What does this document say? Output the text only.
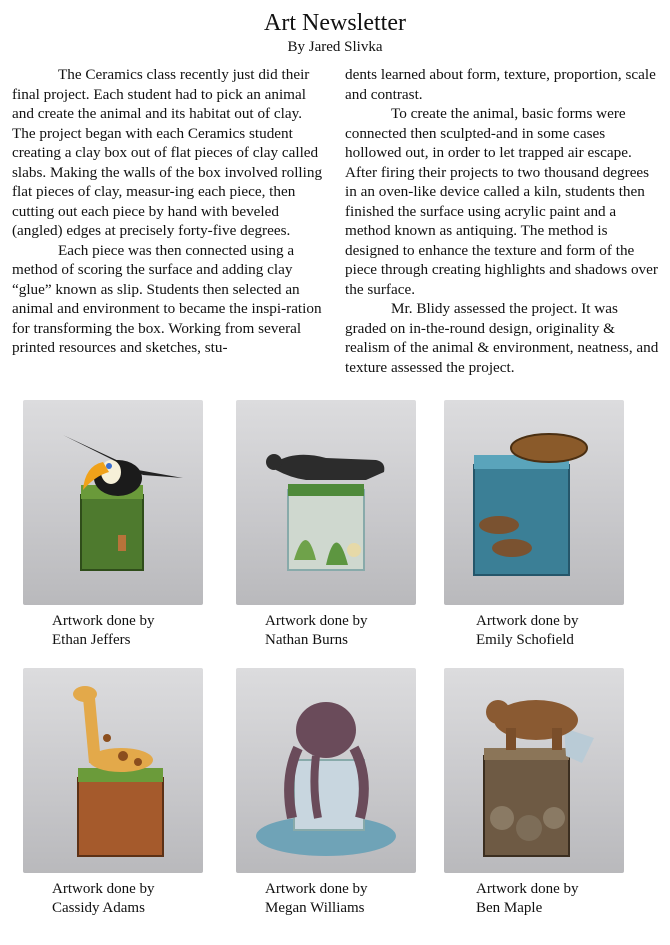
Art Newsletter
By Jared Slivka

The Ceramics class recently just did their final project. Each student had to pick an animal and create the animal and its habitat out of clay. The project began with each Ceramics student creating a clay box out of flat pieces of clay called slabs. Making the walls of the box involved rolling flat pieces of clay, measur-ing each piece, then cutting out each piece by hand with beveled (angled) edges at precisely forty-five degrees.

Each piece was then connected using a method of scoring the surface and adding clay “glue” known as slip. Students then selected an animal and environment to became the inspi-ration for transforming the box. Working from several printed resources and sketches, stu-

dents learned about form, texture, proportion, scale and contrast.

To create the animal, basic forms were connected then sculpted-and in some cases hollowed out, in order to let trapped air escape. After firing their projects to two thousand degrees in an oven-like device called a kiln, students then finished the surface using acrylic paint and a method known as antiquing. The method is designed to enhance the texture and form of the piece through creating highlights and shadows over the surface.

Mr. Blidy assessed the project. It was graded on in-the-round design, originality & realism of the animal & environment, neatness, and texture assessed the project.

Artwork done by
Ethan Jeffers
Artwork done by
Nathan Burns
Artwork done by
Emily Schofield
Artwork done by
Cassidy Adams
Artwork done by
Megan Williams
Artwork done by
Ben Maple
